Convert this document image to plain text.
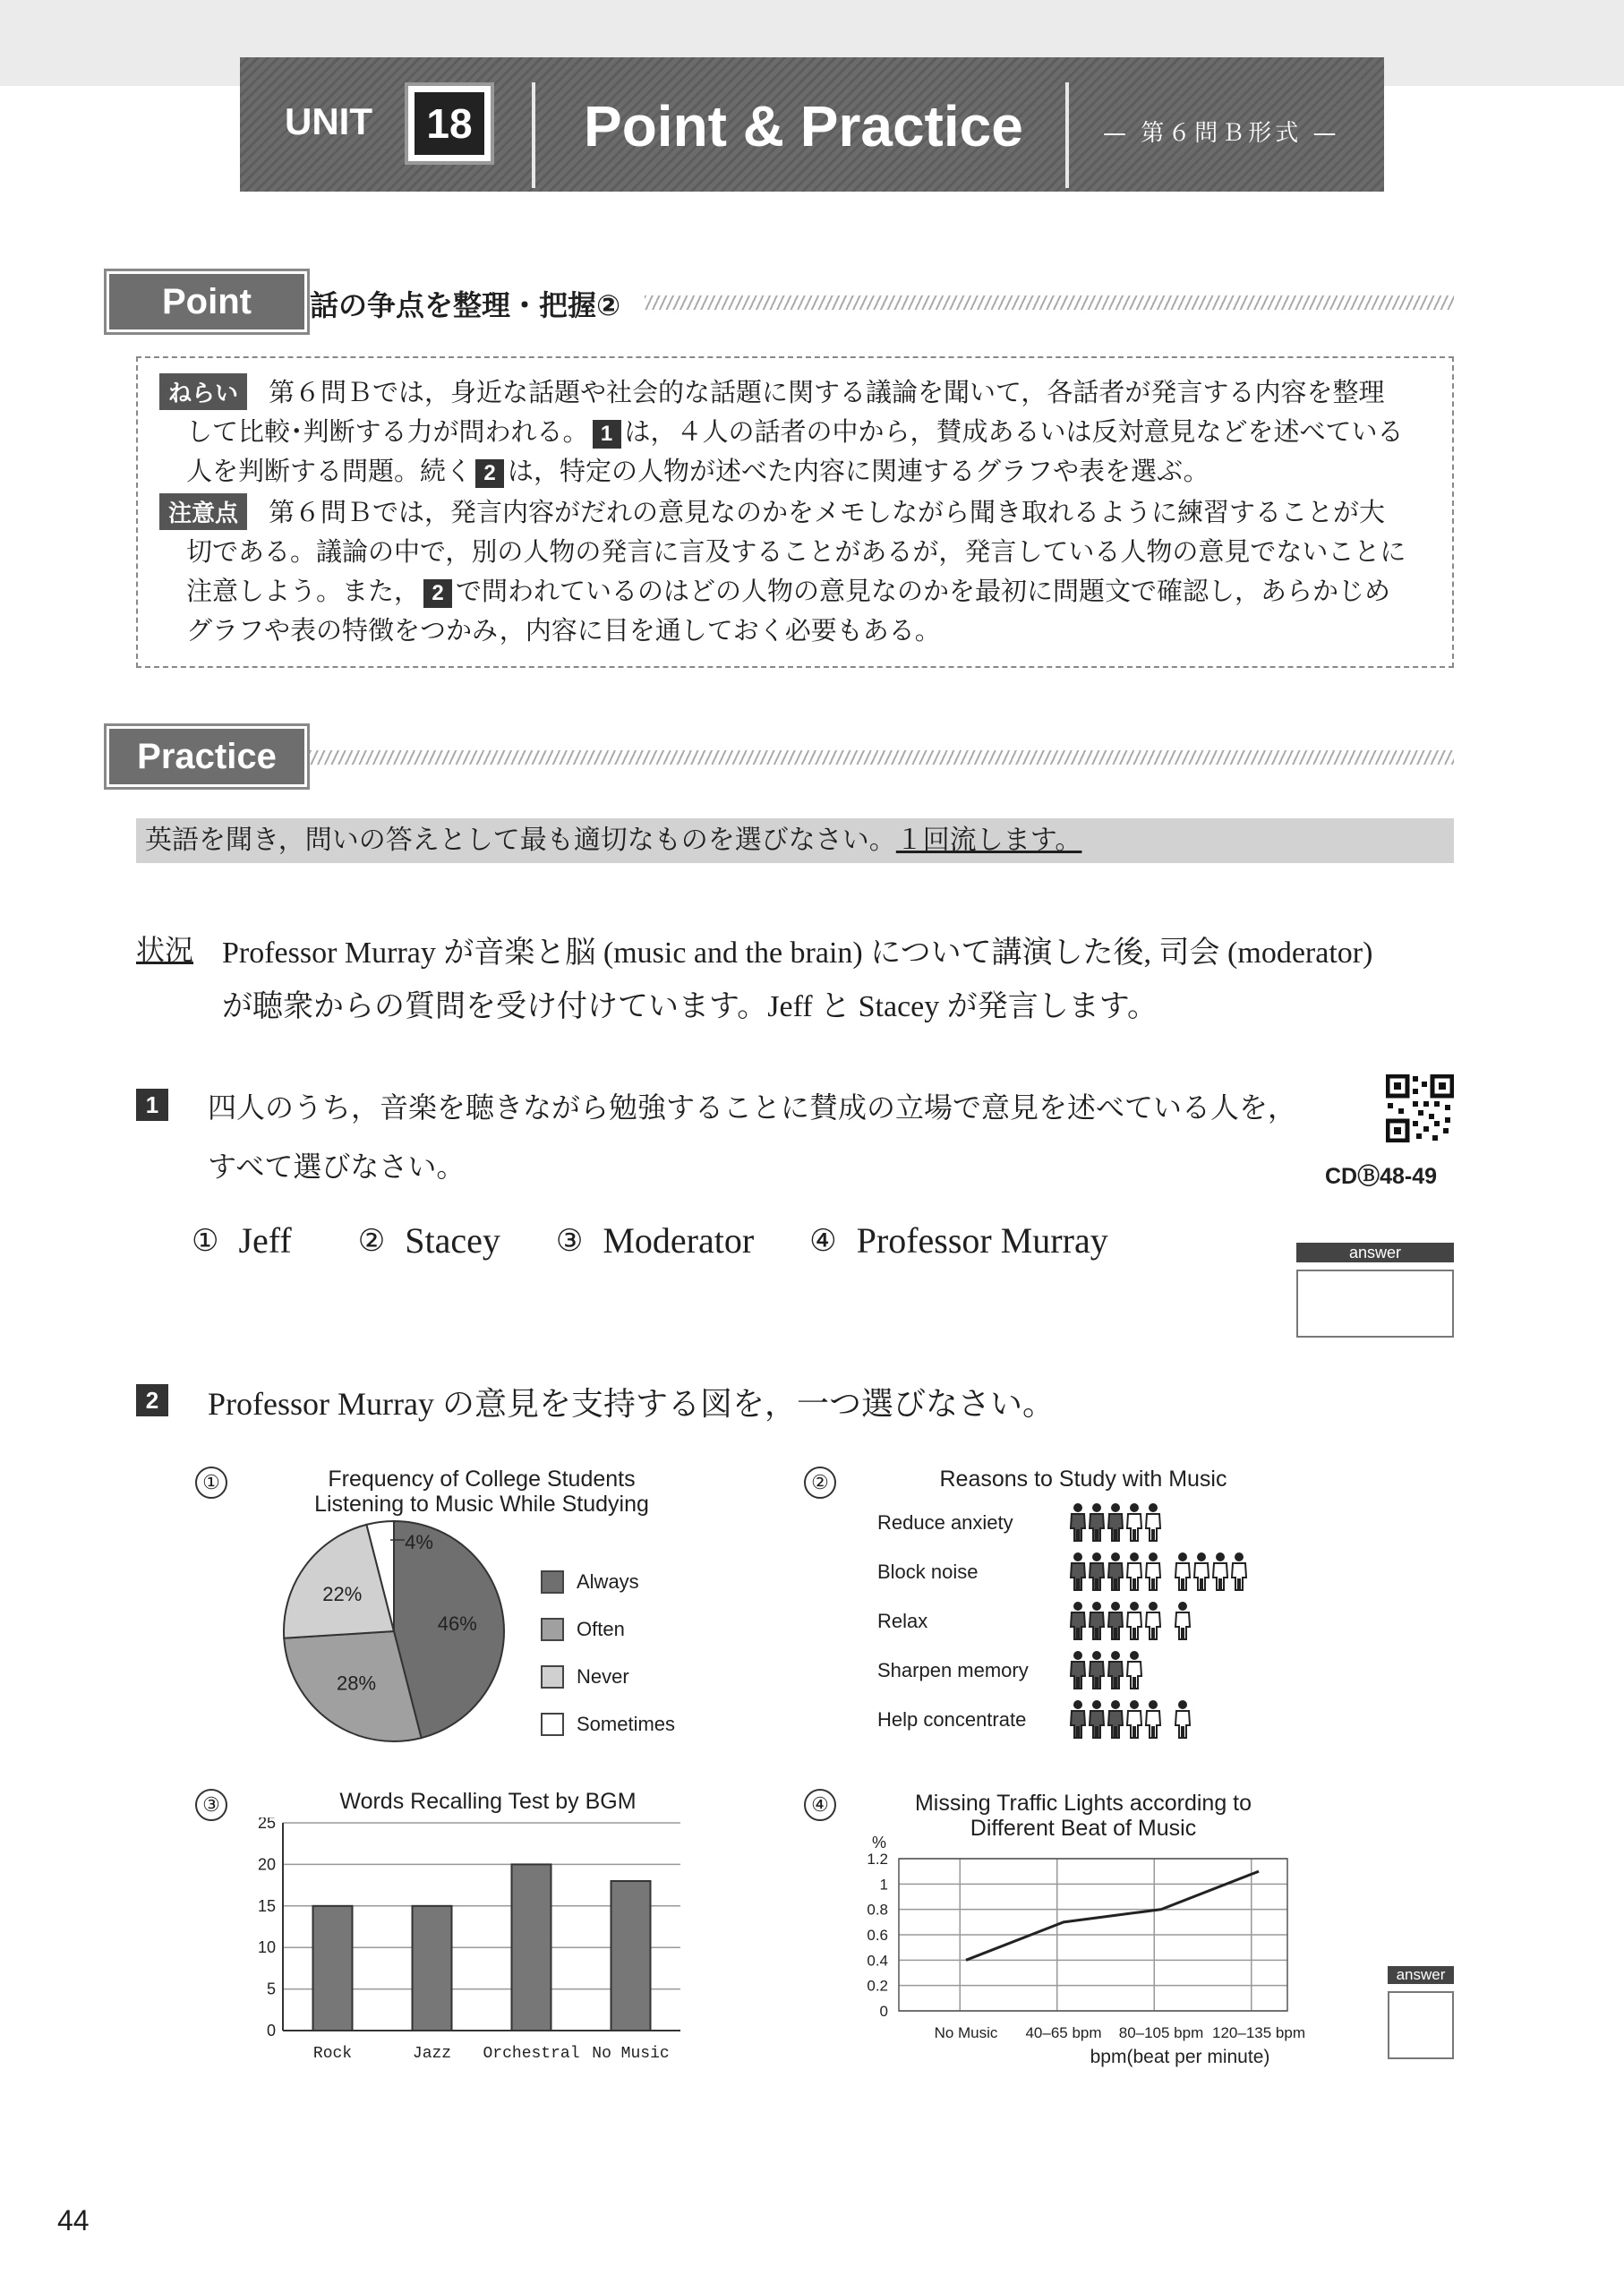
UNIT 18 Point & Practice	— 第６問Ｂ形式 —
Point	話の争点を整理・把握②
ねらい 第６問Ｂでは，身近な話題や社会的な話題に関する議論を聞いて，各話者が発言する内容を整理
して比較･判断する力が問われる。 1 は，４人の話者の中から，賛成あるいは反対意見などを述べている
人を判断する問題。続く 2 は，特定の人物が述べた内容に関連するグラフや表を選ぶ。
注意点 第６問Ｂでは，発言内容がだれの意見なのかをメモしながら聞き取れるように練習することが大
切である。議論の中で，別の人物の発言に言及することがあるが，発言している人物の意見でないことに
注意しよう。また， 2 で問われているのはどの人物の意見なのかを最初に問題文で確認し，あらかじめ
グラフや表の特徴をつかみ，内容に目を通しておく必要もある。
Practice
英語を聞き，問いの答えとして最も適切なものを選びなさい。１回流します。
状況 Professor Murray が音楽と脳 (music and the brain) について講演した後, 司会 (moderator)
が聴衆からの質問を受け付けています。Jeff と Stacey が発言します。
1	四人のうち，音楽を聴きながら勉強することに賛成の立場で意見を述べている人を，
すべて選びなさい。	CDⒷ48-49
① Jeff ② Stacey ③ Moderator ④ Professor Murray	answer
2 Professor Murray の意見を支持する図を，一つ選びなさい。
①	Frequency of College Students
Listening to Music While Studying
46%
28%
22%
4%
Always
Often
Never
Sometimes
②	Reasons to Study with Music
Reduce anxiety
Block noise
Relax
Sharpen memory
Help concentrate
③	Words Recalling Test by BGM
0
5
10
15
20
25
Rock	Jazz Orchestral No Music
④	Missing Traffic Lights according to
Different Beat of Music
%
0
0.2
0.4
0.6
0.8
1
1.2
No Music 40–65 bpm 80–105 bpm 120–135 bpm
bpm(beat per minute)
answer
44
